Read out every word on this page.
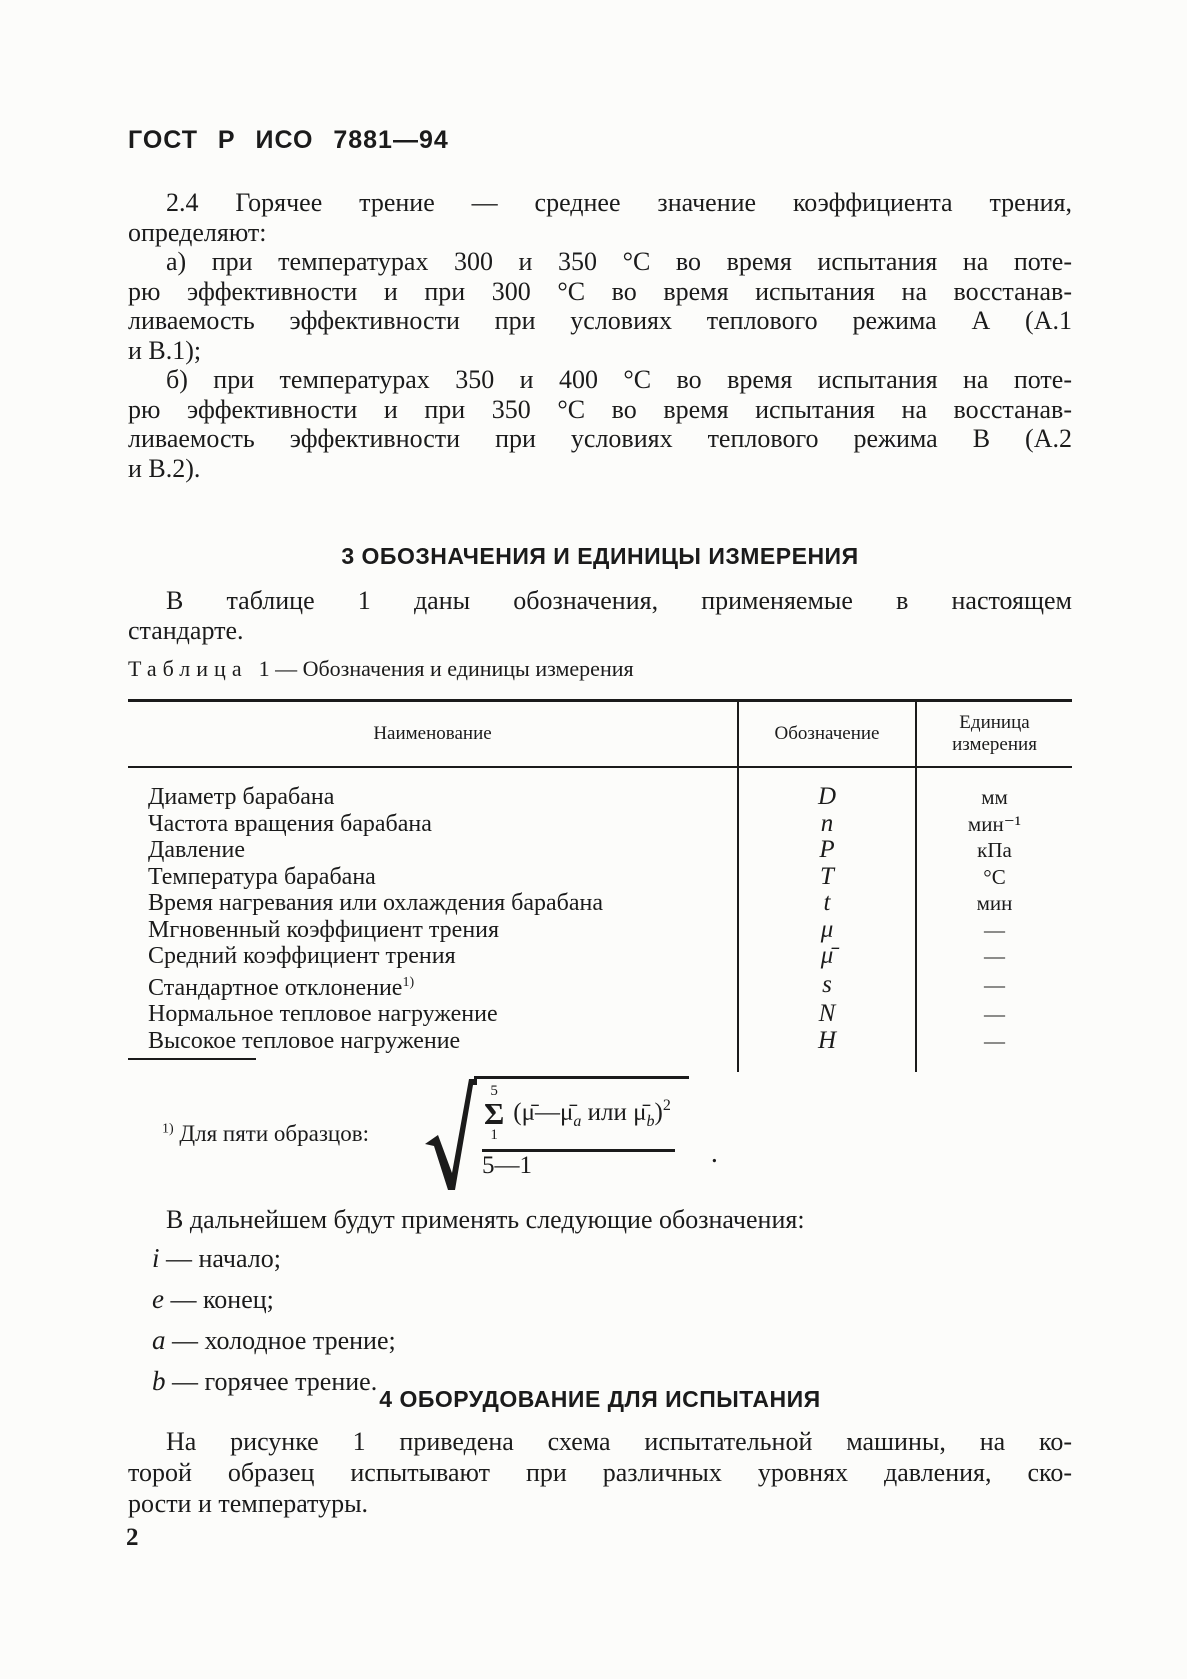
ГОСТ Р ИСО 7881—94
2.4 Горячее трение — среднее значение коэффициента трения,
определяют:
а) при температурах 300 и 350 °С во время испытания на поте-
рю эффективности и при 300 °С во время испытания на восстанав-
ливаемость эффективности при условиях теплового режима А (А.1
и В.1);
б) при температурах 350 и 400 °С во время испытания на поте-
рю эффективности и при 350 °С во время испытания на восстанав-
ливаемость эффективности при условиях теплового режима В (А.2
и В.2).
3 ОБОЗНАЧЕНИЯ И ЕДИНИЦЫ ИЗМЕРЕНИЯ
В таблице 1 даны обозначения, применяемые в настоящем
стандарте.
Таблица 1 — Обозначения и единицы измерения
Наименование	Обозначение	Единица измерения
Диаметр барабана	D	мм
Частота вращения барабана	n	мин⁻¹
Давление	P	кПа
Температура барабана	T	°С
Время нагревания или охлаждения барабана	t	мин
Мгновенный коэффициент трения	μ	—
Средний коэффициент трения	μ̄	—
Стандартное отклонение$^{1)}$	s	—
Нормальное тепловое нагружение	N	—
Высокое тепловое нагружение	H	—
$^{1)}$ Для пяти образцов:
5
Σ
1
($\mū—\mū_a$ или $\mū_b)^2$
5—1	.
В дальнейшем будут применять следующие обозначения:
i — начало;
e — конец;
a — холодное трение;
b — горячее трение.
4 ОБОРУДОВАНИЕ ДЛЯ ИСПЫТАНИЯ
На рисунке 1 приведена схема испытательной машины, на ко-
торой образец испытывают при различных уровнях давления, ско-
рости и температуры.
2
